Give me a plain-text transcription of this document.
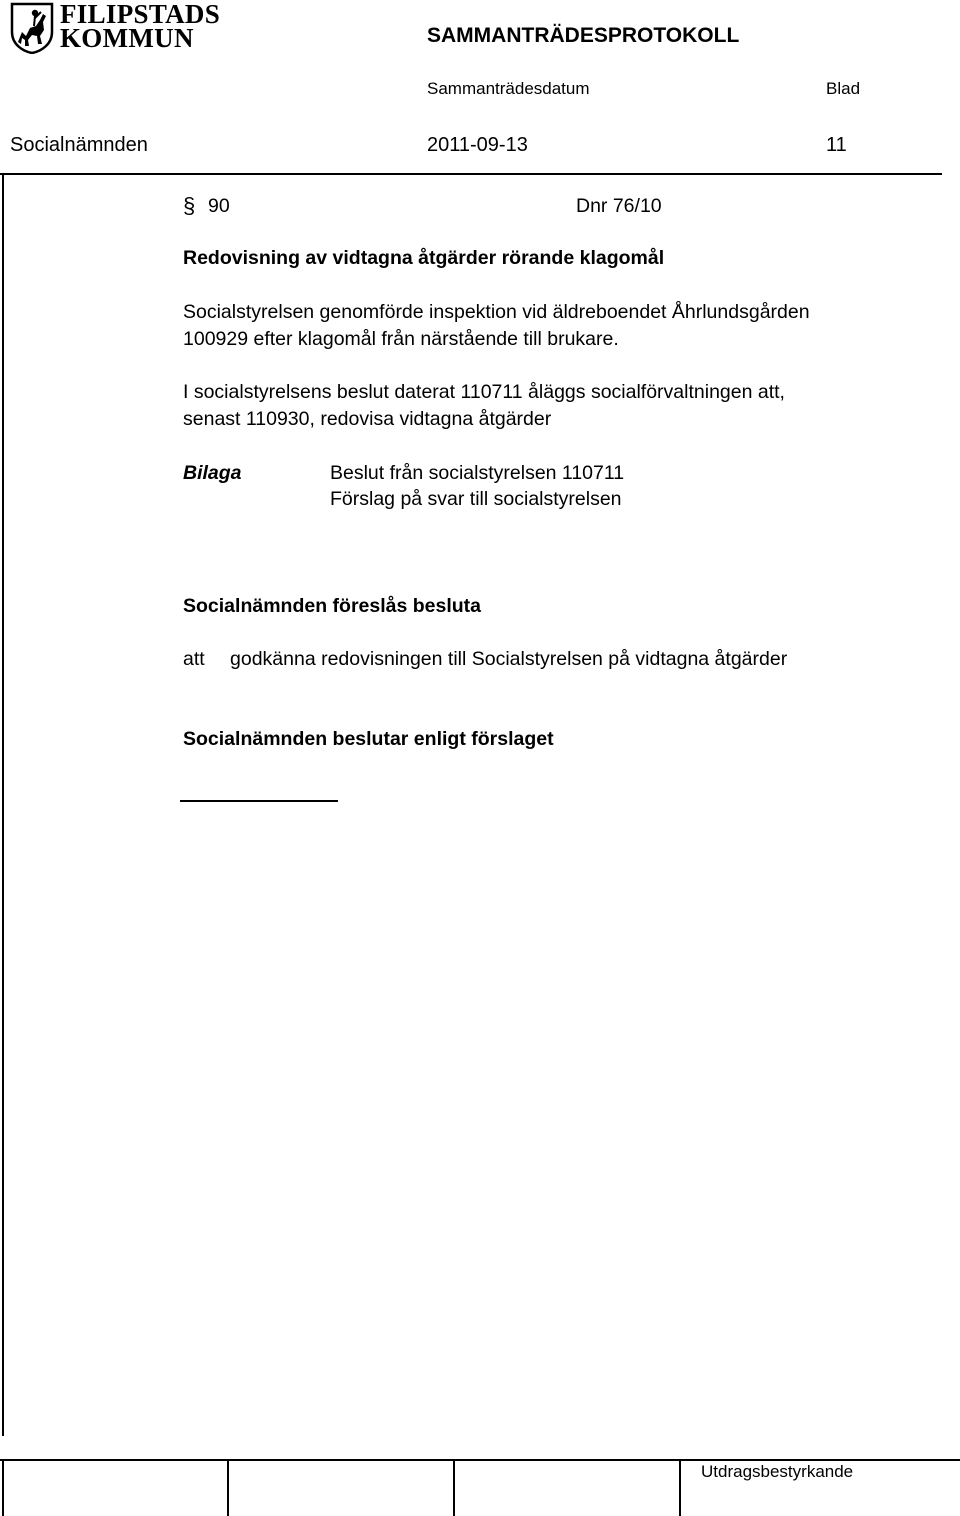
FILIPSTADS
KOMMUN	SAMMANTRÄDESPROTOKOLL
Sammanträdesdatum	Blad
Socialnämnden	2011-09-13	11
§ 90	Dnr 76/10
Redovisning av vidtagna åtgärder rörande klagomål
Socialstyrelsen genomförde inspektion vid äldreboendet Åhrlundsgården
100929 efter klagomål från närstående till brukare.
I socialstyrelsens beslut daterat 110711 åläggs socialförvaltningen att,
senast 110930, redovisa vidtagna åtgärder
Bilaga	Beslut från socialstyrelsen 110711
Förslag på svar till socialstyrelsen
Socialnämnden föreslås besluta
att godkänna redovisningen till Socialstyrelsen på vidtagna åtgärder
Socialnämnden beslutar enligt förslaget
Utdragsbestyrkande
